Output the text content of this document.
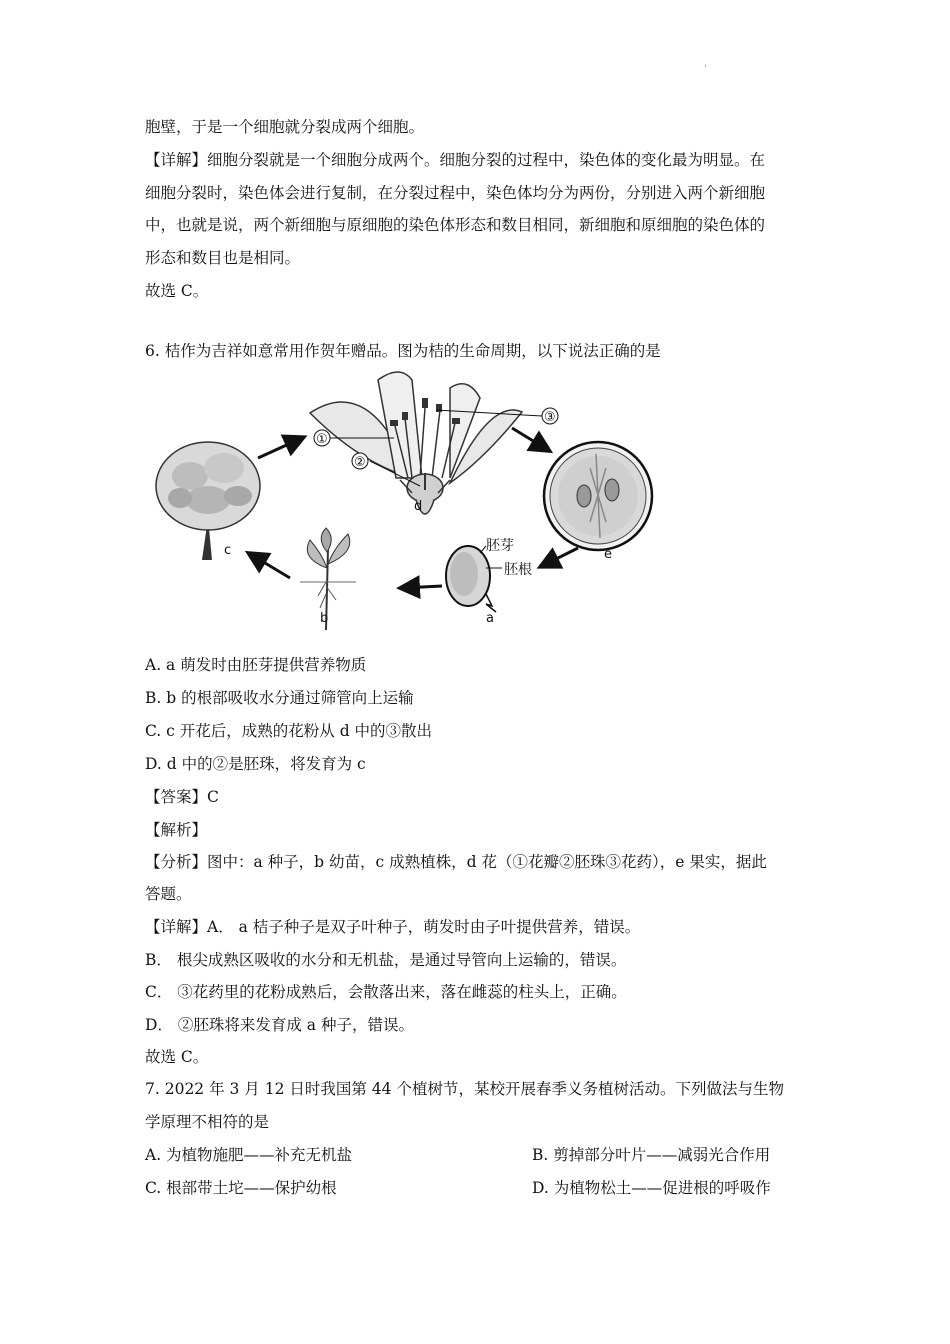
'
胞壁，于是一个细胞就分裂成两个细胞。
【详解】细胞分裂就是一个细胞分成两个。细胞分裂的过程中，染色体的变化最为明显。在
细胞分裂时，染色体会进行复制，在分裂过程中，染色体均分为两份，分别进入两个新细胞
中，也就是说，两个新细胞与原细胞的染色体形态和数目相同，新细胞和原细胞的染色体的
形态和数目也是相同。
故选 C。
6. 桔作为吉祥如意常用作贺年赠品。图为桔的生命周期，以下说法正确的是
c
d
①
②
③
e
胚芽
胚根
a
b
A. a 萌发时由胚芽提供营养物质
B. b 的根部吸收水分通过筛管向上运输
C. c 开花后，成熟的花粉从 d 中的③散出
D. d 中的②是胚珠，将发育为 c
【答案】C
【解析】
【分析】图中：a 种子，b 幼苗，c 成熟植株，d 花（①花瓣②胚珠③花药），e 果实，据此
答题。
【详解】A． a 桔子种子是双子叶种子，萌发时由子叶提供营养，错误。
B． 根尖成熟区吸收的水分和无机盐，是通过导管向上运输的，错误。
C． ③花药里的花粉成熟后，会散落出来，落在雌蕊的柱头上，正确。
D． ②胚珠将来发育成 a 种子，错误。
故选 C。
7. 2022 年 3 月 12 日时我国第 44 个植树节，某校开展春季义务植树活动。下列做法与生物
学原理不相符的是
A. 为植物施肥——补充无机盐	B. 剪掉部分叶片——减弱光合作用
C. 根部带土坨——保护幼根	D. 为植物松土——促进根的呼吸作
